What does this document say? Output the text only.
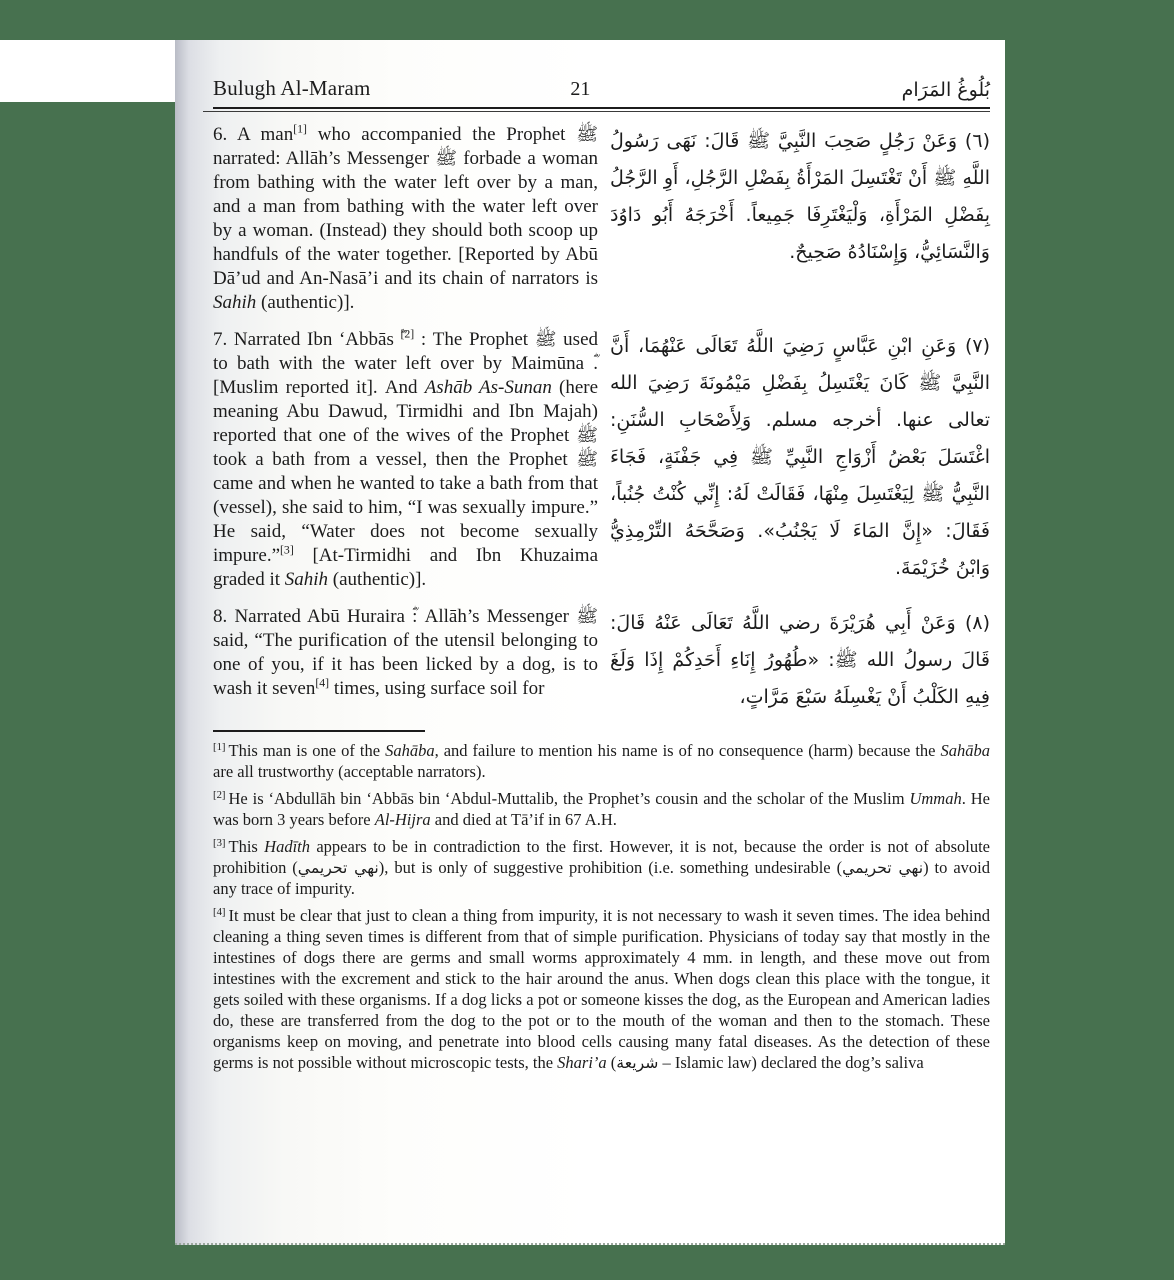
Bulugh Al-Maram	21	بُلُوغُ المَرَام
6. A man[1] who accompanied the Prophet ﷺ narrated: Allāh’s Messenger ﷺ forbade a woman from bathing with the water left over by a man, and a man from bathing with the water left over by a woman. (Instead) they should both scoop up handfuls of the water together. [Reported by Abū Dā’ud and An-Nasā’i and its chain of narrators is Sahih (authentic)].
(٦) وَعَنْ رَجُلٍ صَحِبَ النَّبِيَّ ﷺ قَالَ: نَهَى رَسُولُ اللَّهِ ﷺ أَنْ تَغْتَسِلَ المَرْأَةُ بِفَضْلِ الرَّجُلِ، أَوِ الرَّجُلُ بِفَضْلِ المَرْأَةِ، وَلْيَغْتَرِفَا جَمِيعاً. أَخْرَجَهُ أَبُو دَاوُدَ وَالنَّسَائِيُّ، وَإِسْنَادُهُ صَحِيحٌ.
7. Narrated Ibn ‘Abbās [2] : The Prophet ﷺ used to bath with the water left over by Maimūna . [Muslim reported it]. And Ashāb As-Sunan (here meaning Abu Dawud, Tirmidhi and Ibn Majah) reported that one of the wives of the Prophet ﷺ took a bath from a vessel, then the Prophet ﷺ came and when he wanted to take a bath from that (vessel), she said to him, “I was sexually impure.” He said, “Water does not become sexually impure.”[3] [At-Tirmidhi and Ibn Khuzaima graded it Sahih (authentic)].
(٧) وَعَنِ ابْنِ عَبَّاسٍ رَضِيَ اللَّهُ تَعَالَى عَنْهُمَا، أَنَّ النَّبِيَّ ﷺ كَانَ يَغْتَسِلُ بِفَضْلِ مَيْمُونَةَ رَضِيَ الله تعالى عنها. أخرجه مسلم. وَلِأَصْحَابِ السُّنَنِ: اغْتَسَلَ بَعْضُ أَزْوَاجِ النَّبِيِّ ﷺ فِي جَفْنَةٍ، فَجَاءَ النَّبِيُّ ﷺ لِيَغْتَسِلَ مِنْهَا، فَقَالَتْ لَهُ: إِنِّي كُنْتُ جُنُباً، فَقَالَ: «إِنَّ المَاءَ لَا يَجْنُبُ». وَصَحَّحَهُ التِّرْمِذِيُّ وَابْنُ خُزَيْمَةَ.
8. Narrated Abū Huraira : Allāh’s Messenger ﷺ said, “The purification of the utensil belonging to one of you, if it has been licked by a dog, is to wash it seven[4] times, using surface soil for
(٨) وَعَنْ أَبِي هُرَيْرَةَ رضي اللَّهُ تَعَالَى عَنْهُ قَالَ: قَالَ رسولُ الله ﷺ: «طُهُورُ إِنَاءِ أَحَدِكُمْ إِذَا وَلَغَ فِيهِ الكَلْبُ أَنْ يَغْسِلَهُ سَبْعَ مَرَّاتٍ،
[1] This man is one of the Sahāba, and failure to mention his name is of no consequence (harm) because the Sahāba are all trustworthy (acceptable narrators).
[2] He is ‘Abdullāh bin ‘Abbās bin ‘Abdul-Muttalib, the Prophet’s cousin and the scholar of the Muslim Ummah. He was born 3 years before Al-Hijra and died at Tā’if in 67 A.H.
[3] This Hadīth appears to be in contradiction to the first. However, it is not, because the order is not of absolute prohibition (نهي تحريمي), but is only of suggestive prohibition (i.e. something undesirable (نهي تحريمي) to avoid any trace of impurity.
[4] It must be clear that just to clean a thing from impurity, it is not necessary to wash it seven times. The idea behind cleaning a thing seven times is different from that of simple purification. Physicians of today say that mostly in the intestines of dogs there are germs and small worms approximately 4 mm. in length, and these move out from intestines with the excrement and stick to the hair around the anus. When dogs clean this place with the tongue, it gets soiled with these organisms. If a dog licks a pot or someone kisses the dog, as the European and American ladies do, these are transferred from the dog to the pot or to the mouth of the woman and then to the stomach. These organisms keep on moving, and penetrate into blood cells causing many fatal diseases. As the detection of these germs is not possible without microscopic tests, the Shari’a (شريعة – Islamic law) declared the dog’s saliva
